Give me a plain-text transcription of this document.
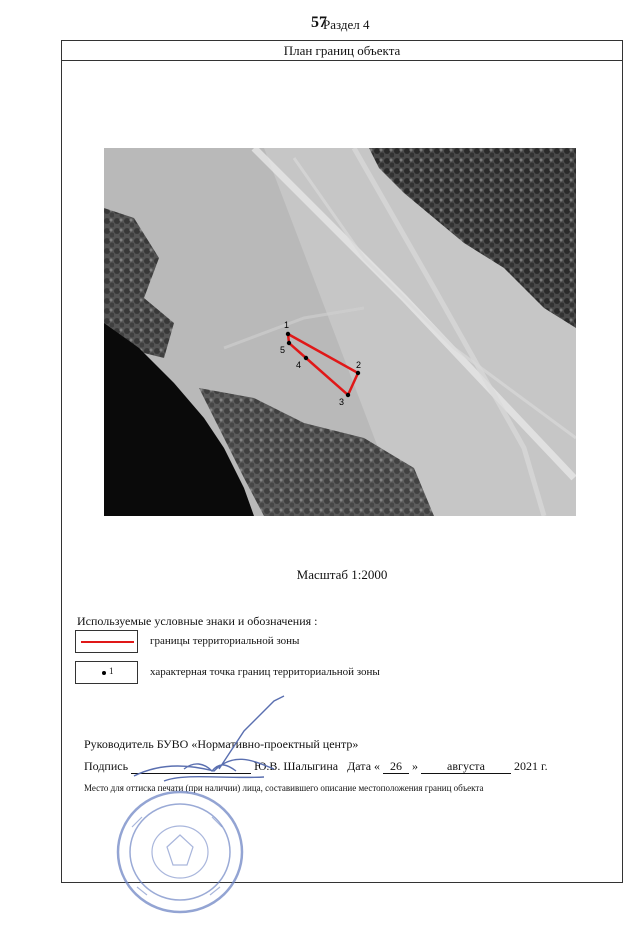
57
Раздел 4
План границ объекта
1
2
3
4
5
Масштаб 1:2000
Используемые условные знаки и обозначения :
границы территориальной зоны
1	характерная точка границ территориальной зоны
Руководитель БУВО «Нормативно-проектный центр»
Подпись	Ю.В. Шалыгина Дата « 26 » августа 2021 г.
Место для оттиска печати (при наличии) лица, составившего описание местоположения границ объекта
